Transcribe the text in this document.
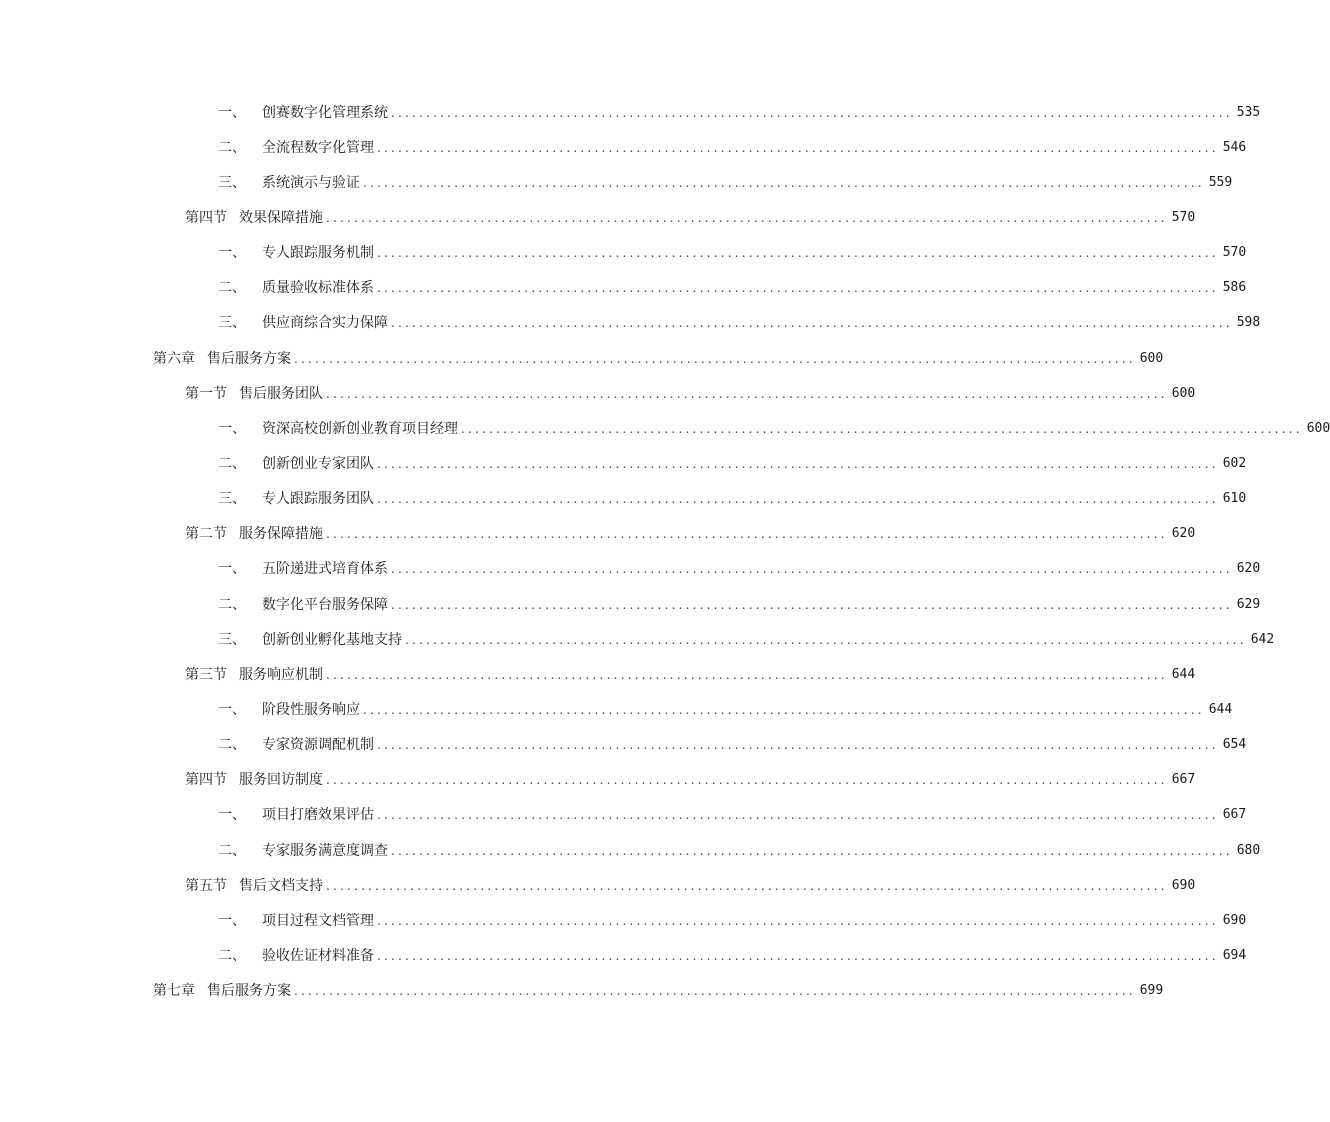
一、 创赛数字化管理系统 ........................................................................................................................ 535
二、 全流程数字化管理 ........................................................................................................................ 546
三、 系统演示与验证 ........................................................................................................................ 559
第四节 效果保障措施 ........................................................................................................................ 570
一、 专人跟踪服务机制 ........................................................................................................................ 570
二、 质量验收标准体系 ........................................................................................................................ 586
三、 供应商综合实力保障 ........................................................................................................................ 598
第六章 售后服务方案 ........................................................................................................................ 600
第一节 售后服务团队 ........................................................................................................................ 600
一、 资深高校创新创业教育项目经理 ........................................................................................................................ 600
二、 创新创业专家团队 ........................................................................................................................ 602
三、 专人跟踪服务团队 ........................................................................................................................ 610
第二节 服务保障措施 ........................................................................................................................ 620
一、 五阶递进式培育体系 ........................................................................................................................ 620
二、 数字化平台服务保障 ........................................................................................................................ 629
三、 创新创业孵化基地支持 ........................................................................................................................ 642
第三节 服务响应机制 ........................................................................................................................ 644
一、 阶段性服务响应 ........................................................................................................................ 644
二、 专家资源调配机制 ........................................................................................................................ 654
第四节 服务回访制度 ........................................................................................................................ 667
一、 项目打磨效果评估 ........................................................................................................................ 667
二、 专家服务满意度调查 ........................................................................................................................ 680
第五节 售后文档支持 ........................................................................................................................ 690
一、 项目过程文档管理 ........................................................................................................................ 690
二、 验收佐证材料准备 ........................................................................................................................ 694
第七章 售后服务方案 ........................................................................................................................ 699
